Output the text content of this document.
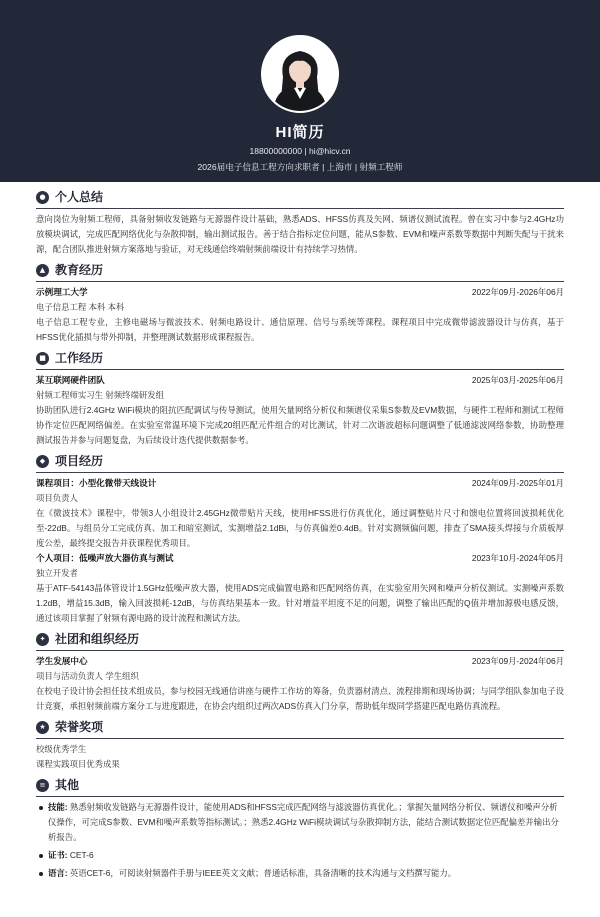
HI简历
18800000000 | hi@hicv.cn
2026届电子信息工程方向求职者 | 上海市 | 射频工程师
● 个人总结
意向岗位为射频工程师，具备射频收发链路与无源器件设计基础，熟悉ADS、HFSS仿真及矢网、频谱仪测试流程。曾在实习中参与2.4GHz功放模块调试，完成匹配网络优化与杂散抑制，输出测试报告。善于结合指标定位问题，能从S参数、EVM和噪声系数等数据中判断失配与干扰来源，配合团队推进射频方案落地与验证，对无线通信终端射频前端设计有持续学习热情。
▲ 教育经历
示例理工大学	2022年09月-2026年06月
电子信息工程 本科 本科
电子信息工程专业，主修电磁场与微波技术、射频电路设计、通信原理、信号与系统等课程。课程项目中完成微带滤波器设计与仿真，基于HFSS优化插损与带外抑制，并整理测试数据形成课程报告。
■ 工作经历
某互联网硬件团队	2025年03月-2025年06月
射频工程师实习生 射频终端研发组
协助团队进行2.4GHz WiFi模块的阻抗匹配调试与传导测试，使用矢量网络分析仪和频谱仪采集S参数及EVM数据，与硬件工程师和测试工程师协作定位匹配网络偏差。在实验室常温环境下完成20组匹配元件组合的对比测试，针对二次谐波超标问题调整了低通滤波网络参数，协助整理测试报告并参与问题复盘，为后续设计迭代提供数据参考。
◆ 项目经历
课程项目：小型化微带天线设计	2024年09月-2025年01月
项目负责人
在《微波技术》课程中，带领3人小组设计2.45GHz微带贴片天线，使用HFSS进行仿真优化，通过调整贴片尺寸和馈电位置将回波损耗优化至-22dB。与组员分工完成仿真、加工和暗室测试，实测增益2.1dBi，与仿真偏差0.4dB。针对实测频偏问题，排查了SMA接头焊接与介质板厚度公差，最终提交报告并获课程优秀项目。
个人项目：低噪声放大器仿真与测试	2023年10月-2024年05月
独立开发者
基于ATF-54143晶体管设计1.5GHz低噪声放大器，使用ADS完成偏置电路和匹配网络仿真，在实验室用矢网和噪声分析仪测试。实测噪声系数1.2dB，增益15.3dB，输入回波损耗-12dB，与仿真结果基本一致。针对增益平坦度不足的问题，调整了输出匹配的Q值并增加源极电感反馈，通过该项目掌握了射频有源电路的设计流程和测试方法。
✦ 社团和组织经历
学生发展中心	2023年09月-2024年06月
项目与活动负责人 学生组织
在校电子设计协会担任技术组成员，参与校园无线通信讲座与硬件工作坊的筹备，负责器材清点、流程排期和现场协调；与同学组队参加电子设计竞赛，承担射频前端方案分工与进度跟进，在协会内组织过两次ADS仿真入门分享，帮助低年级同学搭建匹配电路仿真流程。
★ 荣誉奖项
校级优秀学生
课程实践项目优秀成果
≡ 其他
技能: 熟悉射频收发链路与无源器件设计，能使用ADS和HFSS完成匹配网络与滤波器仿真优化。；掌握矢量网络分析仪、频谱仪和噪声分析仪操作，可完成S参数、EVM和噪声系数等指标测试。；熟悉2.4GHz WiFi模块调试与杂散抑制方法，能结合测试数据定位匹配偏差并输出分析报告。
证书: CET-6
语言: 英语CET-6，可阅读射频器件手册与IEEE英文文献；普通话标准，具备清晰的技术沟通与文档撰写能力。
